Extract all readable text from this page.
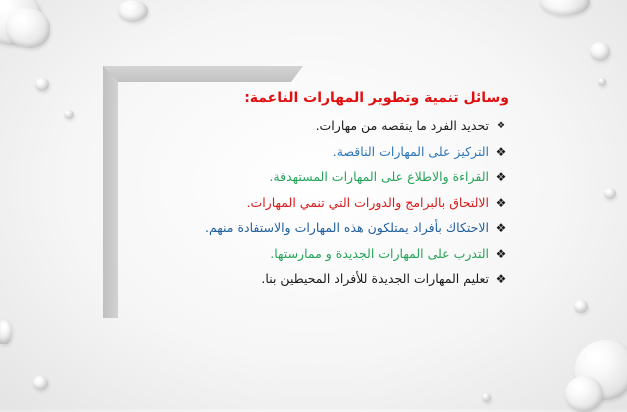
وسائل تنمية وتطوير المهارات الناعمة:
❖
تحديد الفرد ما ينقصه من مهارات.
❖
التركيز على المهارات الناقصة.
❖
القراءة والاطلاع على المهارات المستهدفة.
❖
الالتحاق بالبرامج والدورات التي تنمي المهارات.
❖
الاحتكاك بأفراد يمتلكون هذه المهارات والاستفادة منهم.
❖
التدرب على المهارات الجديدة و ممارستها.
❖
تعليم المهارات الجديدة للأفراد المحيطين بنا.
